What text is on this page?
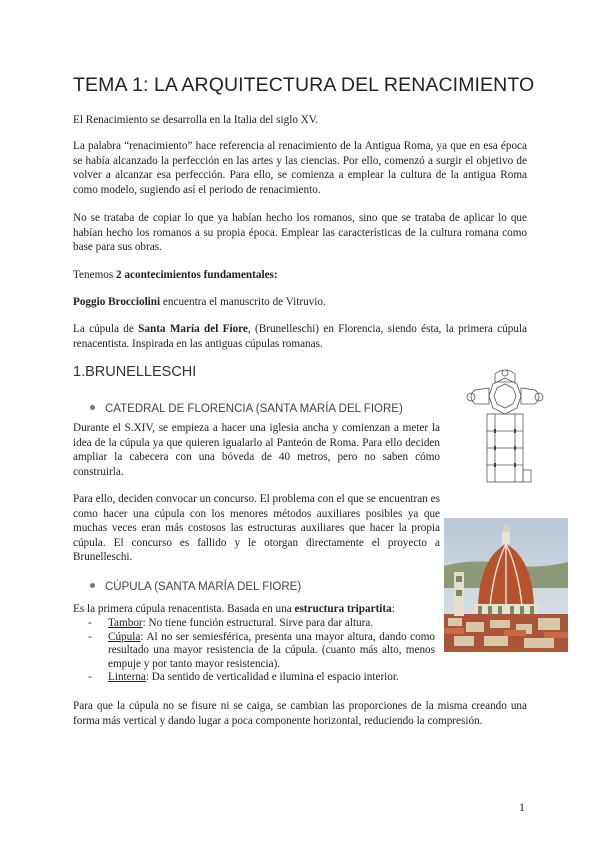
TEMA 1: LA ARQUITECTURA DEL RENACIMIENTO
El Renacimiento se desarrolla en la Italia del siglo XV.
La palabra “renacimiento” hace referencia al renacimiento de la Antigua Roma, ya que en esa época se había alcanzado la perfección en las artes y las ciencias. Por ello, comenzó a surgir el objetivo de volver a alcanzar esa perfección. Para ello, se comienza a emplear la cultura de la antigua Roma como modelo, sugiendo así el periodo de renacimiento.
No se trataba de copiar lo que ya habían hecho los romanos, sino que se trataba de aplicar lo que habían hecho los romanos a su propia época. Emplear las características de la cultura romana como base para sus obras.
Tenemos 2 acontecimientos fundamentales:
Poggio Brocciolini encuentra el manuscrito de Vitruvio.
La cúpula de Santa María del Fiore, (Brunelleschi) en Florencia, siendo ésta, la primera cúpula renacentista. Inspirada en las antiguas cúpulas romanas.
1.BRUNELLESCHI
CATEDRAL DE FLORENCIA (SANTA MARÍA DEL FIORE)
Durante el S.XIV, se empieza a hacer una iglesia ancha y comienzan a meter la idea de la cúpula ya que quieren igualarlo al Panteón de Roma. Para ello deciden ampliar la cabecera con una bóveda de 40 metros, pero no saben cómo construirla.
Para ello, deciden convocar un concurso. El problema con el que se encuentran es como hacer una cúpula con los menores métodos auxiliares posibles ya que muchas veces eran más costosos las estructuras auxiliares que hacer la propia cúpula. El concurso es fallido y le otorgan directamente el proyecto a Brunelleschi.
CÚPULA (SANTA MARÍA DEL FIORE)
Es la primera cúpula renacentista. Basada en una estructura tripartita:
- Tambor: No tiene función estructural. Sirve para dar altura.
- Cúpula: Al no ser semiesférica, presenta una mayor altura, dando como resultado una mayor resistencia de la cúpula. (cuanto más alto, menos empuje y por tanto mayor resistencia).
- Linterna: Da sentido de verticalidad e ilumina el espacio interior.
Para que la cúpula no se fisure ni se caiga, se cambian las proporciones de la misma creando una forma más vertical y dando lugar a poca componente horizontal, reduciendo la compresión.
1
